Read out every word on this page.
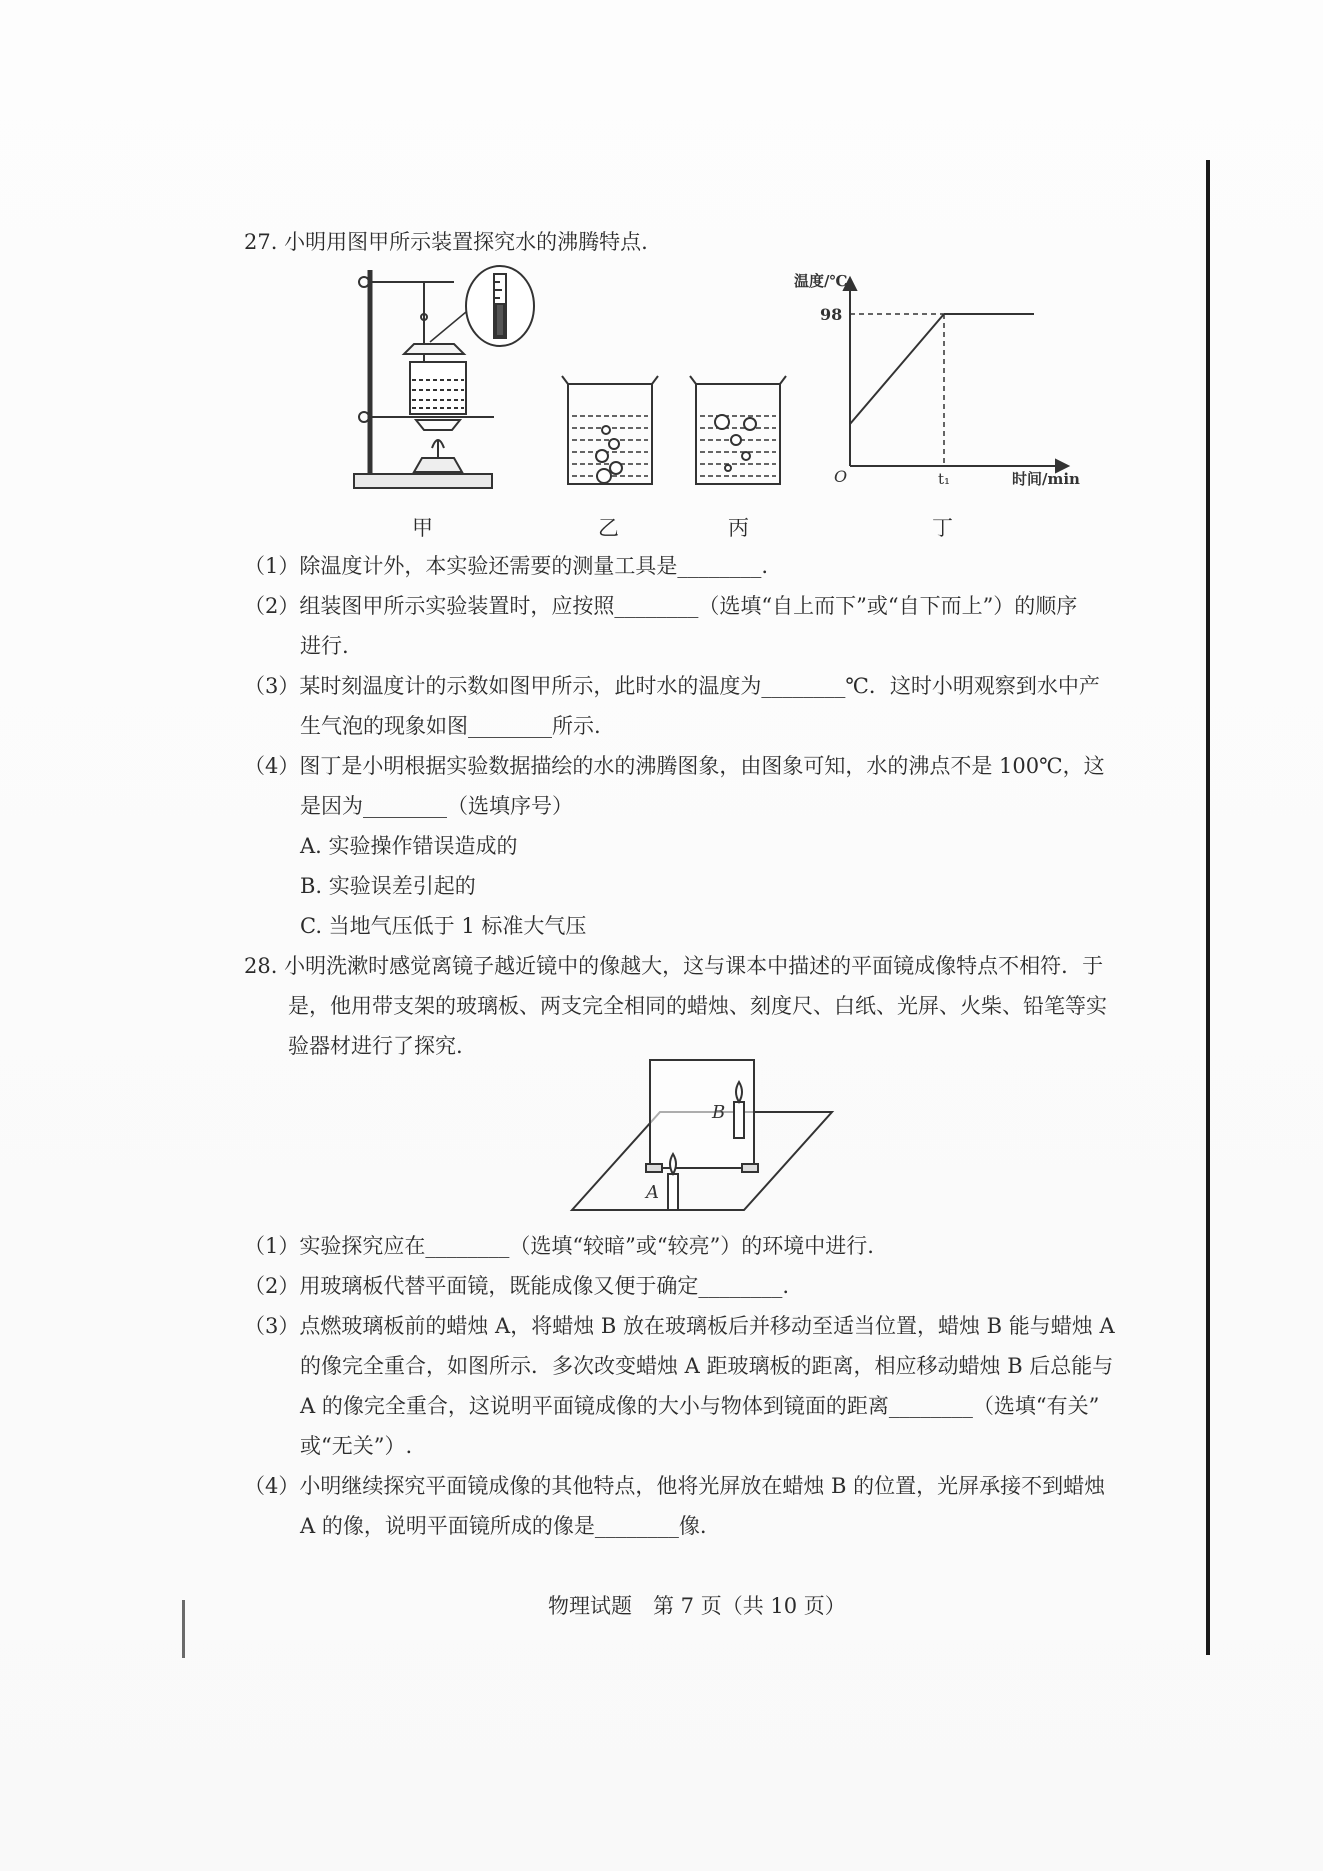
27. 小明用图甲所示装置探究水的沸腾特点.
甲	乙	丙
温度/℃
98
O	t₁	时间/min
丁
（1）除温度计外，本实验还需要的测量工具是________.
（2）组装图甲所示实验装置时，应按照________（选填“自上而下”或“自下而上”）的顺序
进行.
（3）某时刻温度计的示数如图甲所示，此时水的温度为________℃．这时小明观察到水中产
生气泡的现象如图________所示.
（4）图丁是小明根据实验数据描绘的水的沸腾图象，由图象可知，水的沸点不是 100℃，这
是因为________（选填序号）
A. 实验操作错误造成的
B. 实验误差引起的
C. 当地气压低于 1 标准大气压
28. 小明洗漱时感觉离镜子越近镜中的像越大，这与课本中描述的平面镜成像特点不相符．于
是，他用带支架的玻璃板、两支完全相同的蜡烛、刻度尺、白纸、光屏、火柴、铅笔等实
验器材进行了探究.
B
A
（1）实验探究应在________（选填“较暗”或“较亮”）的环境中进行.
（2）用玻璃板代替平面镜，既能成像又便于确定________.
（3）点燃玻璃板前的蜡烛 A，将蜡烛 B 放在玻璃板后并移动至适当位置，蜡烛 B 能与蜡烛 A
的像完全重合，如图所示．多次改变蜡烛 A 距玻璃板的距离，相应移动蜡烛 B 后总能与
A 的像完全重合，这说明平面镜成像的大小与物体到镜面的距离________（选填“有关”
或“无关”）.
（4）小明继续探究平面镜成像的其他特点，他将光屏放在蜡烛 B 的位置，光屏承接不到蜡烛
A 的像，说明平面镜所成的像是________像.
物理试题　第 7 页（共 10 页）
